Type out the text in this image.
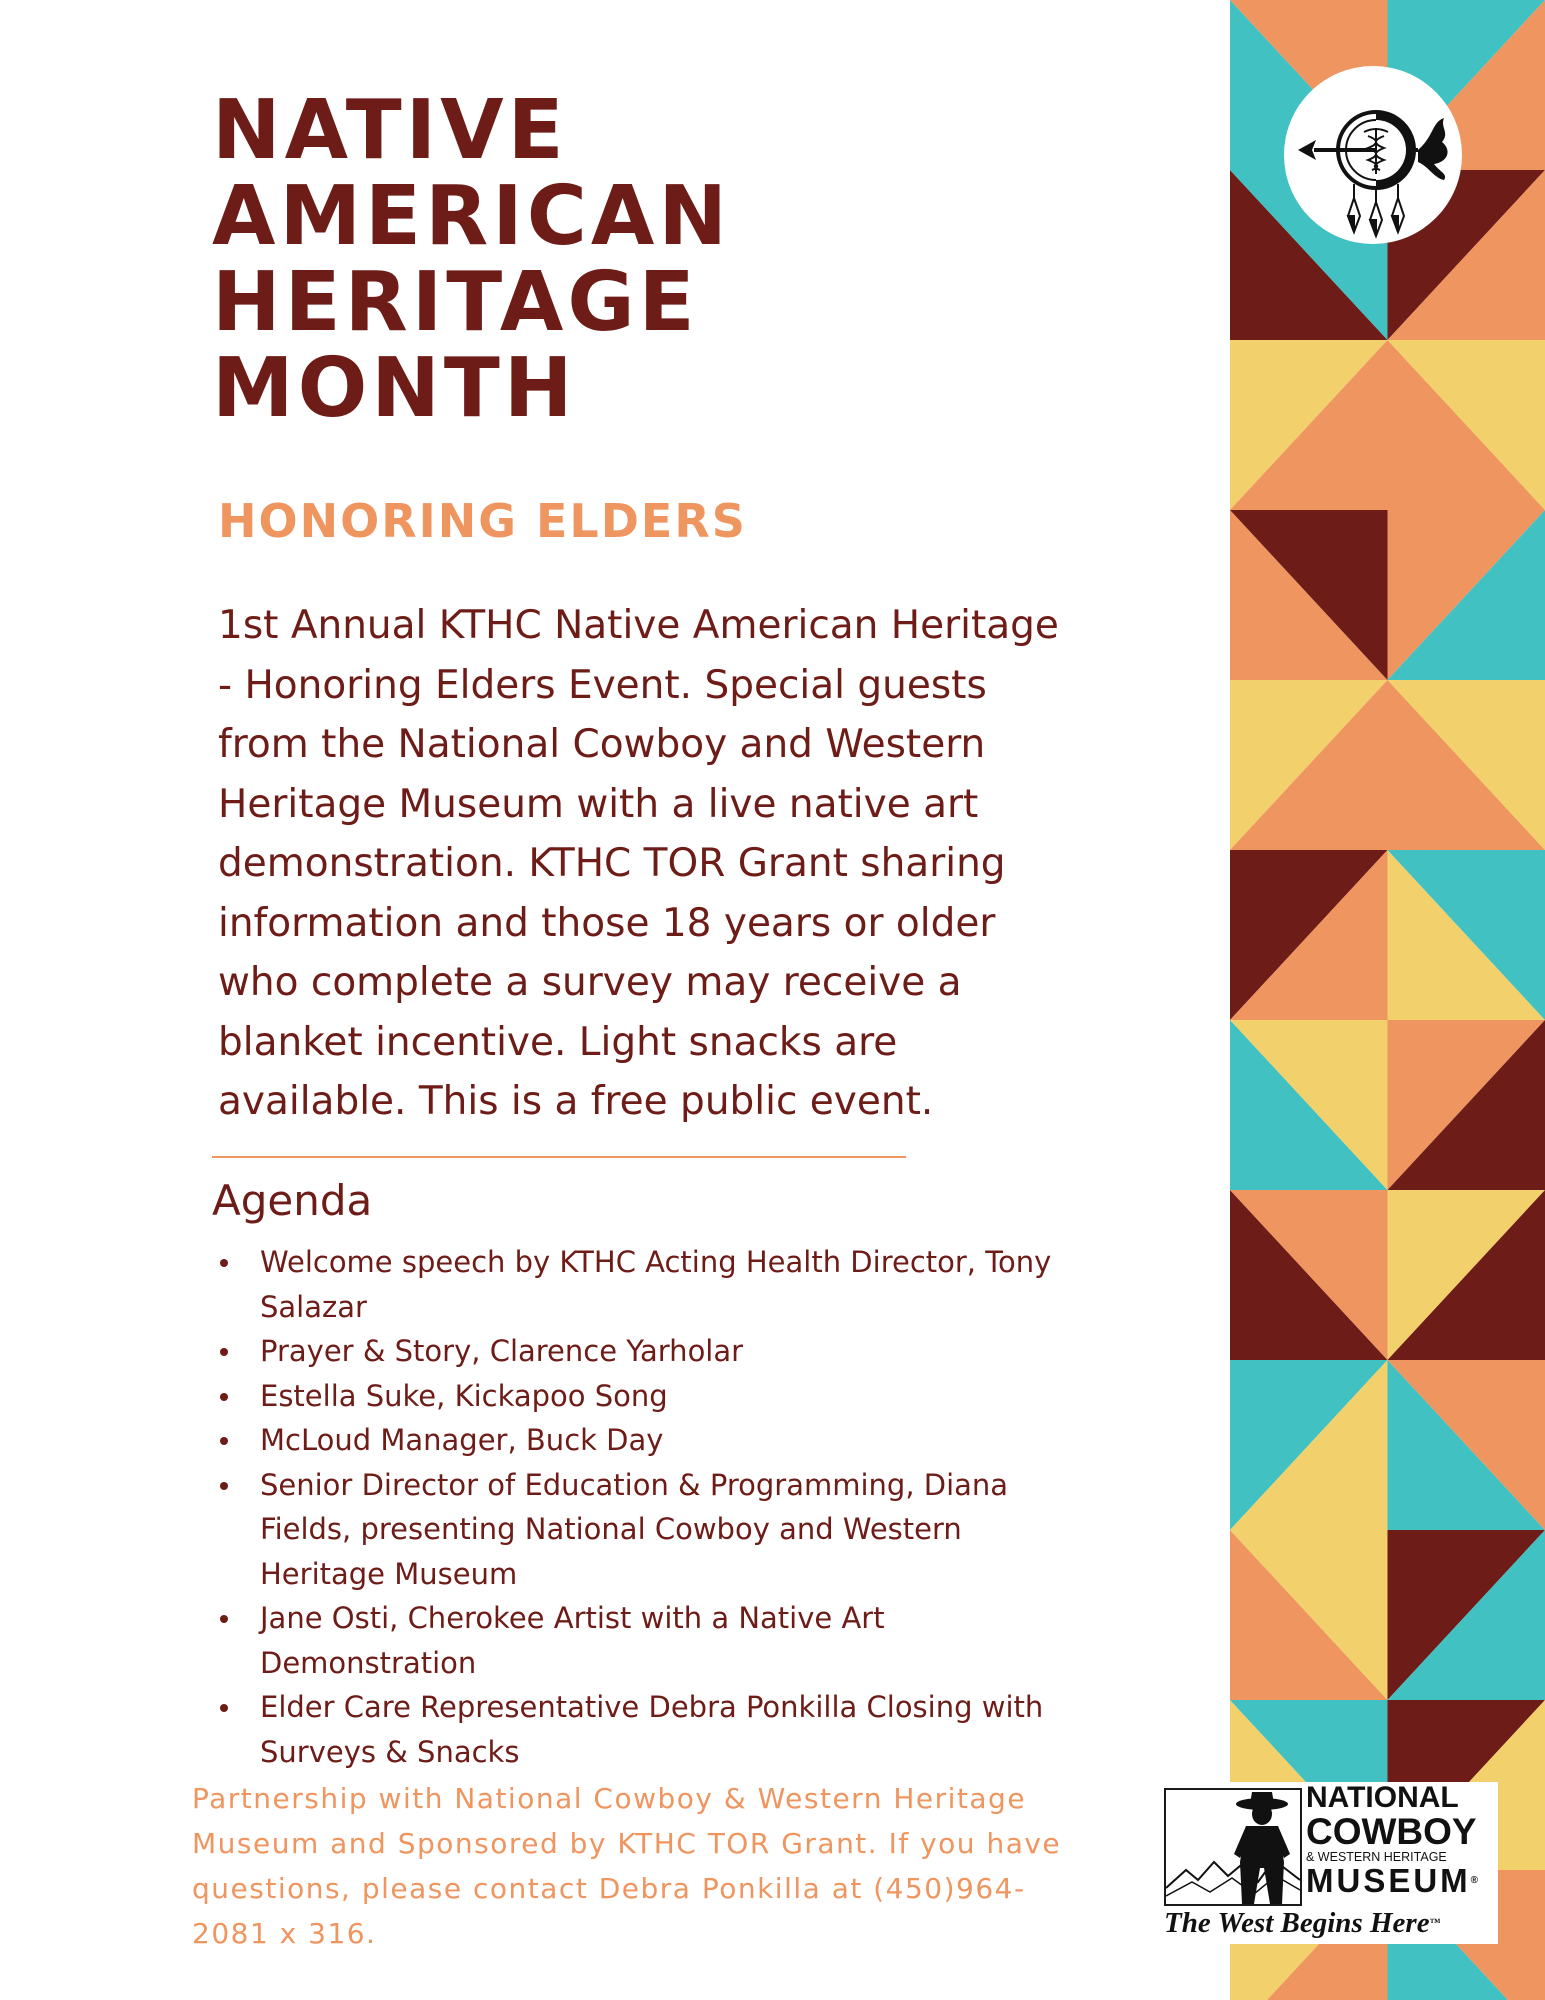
NATIVE
AMERICAN
HERITAGE
MONTH
HONORING ELDERS

1st Annual KTHC Native American Heritage - Honoring Elders Event. Special guests from the National Cowboy and Western Heritage Museum with a live native art demonstration. KTHC TOR Grant sharing information and those 18 years or older who complete a survey may receive a blanket incentive. Light snacks are available. This is a free public event.

Agenda
Welcome speech by KTHC Acting Health Director, Tony Salazar
Prayer & Story, Clarence Yarholar
Estella Suke, Kickapoo Song
McLoud Manager, Buck Day
Senior Director of Education & Programming, Diana Fields, presenting National Cowboy and Western Heritage Museum
Jane Osti, Cherokee Artist with a Native Art Demonstration
Elder Care Representative Debra Ponkilla Closing with Surveys & Snacks

Partnership with National Cowboy & Western Heritage Museum and Sponsored by KTHC TOR Grant. If you have questions, please contact Debra Ponkilla at (450)964-2081 x 316.

NATIONAL
COWBOY
& WESTERN HERITAGE
MUSEUM®
The West Begins Here™
